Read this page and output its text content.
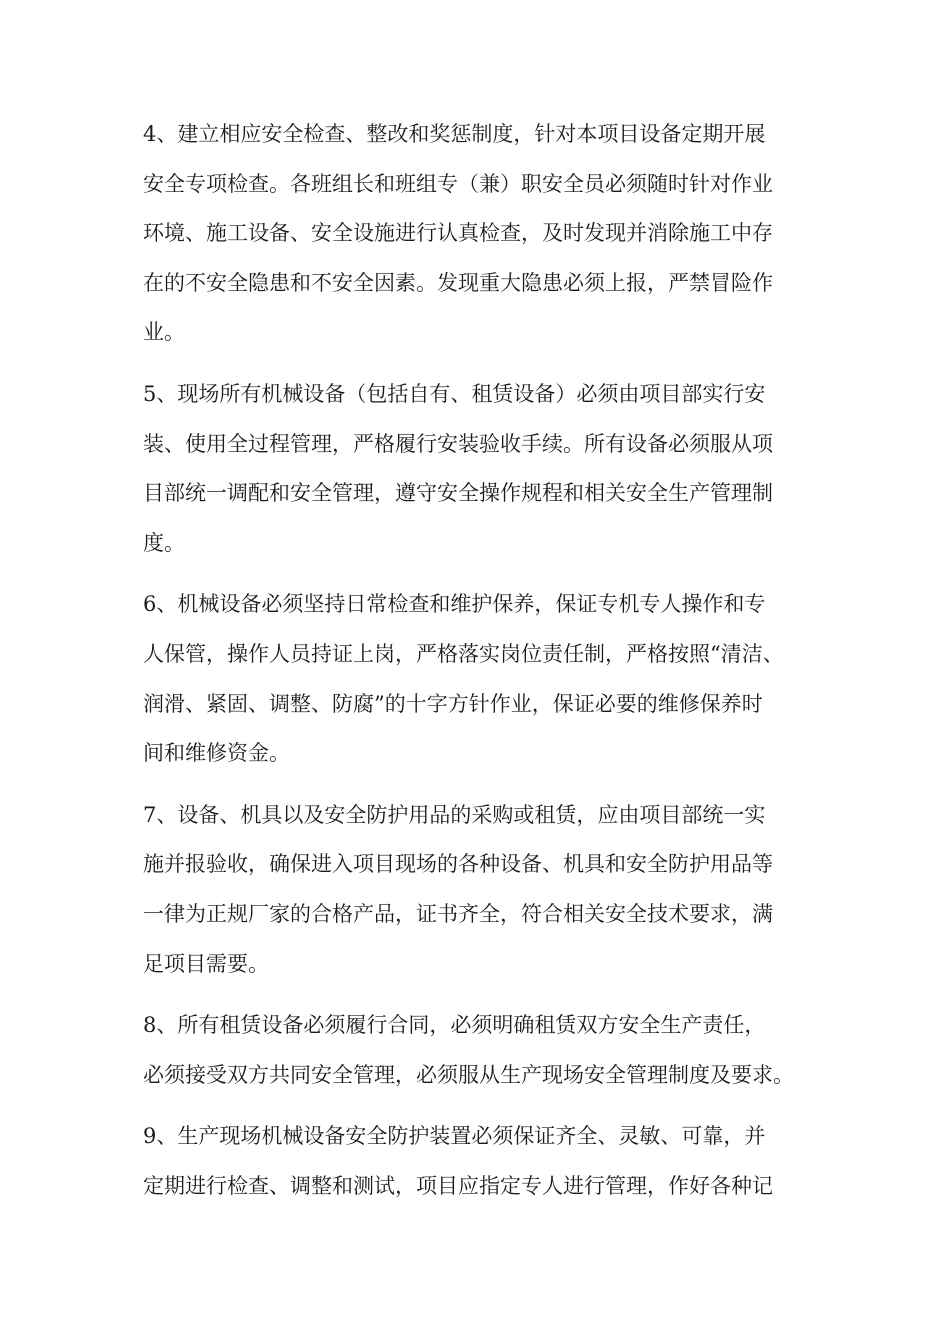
4、建立相应安全检查、整改和奖惩制度，针对本项目设备定期开展
安全专项检查。各班组长和班组专（兼）职安全员必须随时针对作业
环境、施工设备、安全设施进行认真检查，及时发现并消除施工中存
在的不安全隐患和不安全因素。发现重大隐患必须上报，严禁冒险作
业。

5、现场所有机械设备（包括自有、租赁设备）必须由项目部实行安
装、使用全过程管理，严格履行安装验收手续。所有设备必须服从项
目部统一调配和安全管理，遵守安全操作规程和相关安全生产管理制
度。

6、机械设备必须坚持日常检查和维护保养，保证专机专人操作和专
人保管，操作人员持证上岗，严格落实岗位责任制，严格按照“清洁、
润滑、紧固、调整、防腐”的十字方针作业，保证必要的维修保养时
间和维修资金。

7、设备、机具以及安全防护用品的采购或租赁，应由项目部统一实
施并报验收，确保进入项目现场的各种设备、机具和安全防护用品等
一律为正规厂家的合格产品，证书齐全，符合相关安全技术要求，满
足项目需要。

8、所有租赁设备必须履行合同，必须明确租赁双方安全生产责任，
必须接受双方共同安全管理，必须服从生产现场安全管理制度及要求。

9、生产现场机械设备安全防护装置必须保证齐全、灵敏、可靠，并
定期进行检查、调整和测试，项目应指定专人进行管理，作好各种记
